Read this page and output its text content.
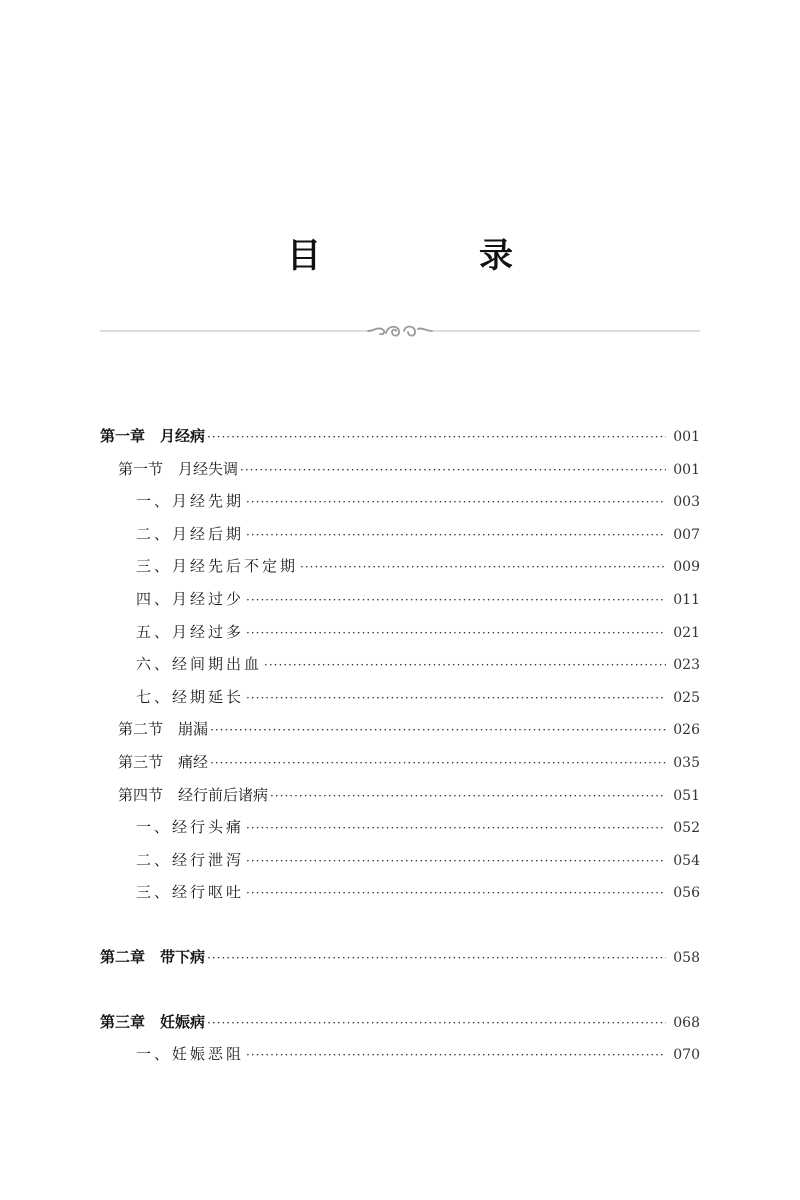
目　录
第一章　月经病 ·····	001
第一节　月经失调 ·····	001
一、月经先期 ·····	003
二、月经后期 ·····	007
三、月经先后不定期 ·····	009
四、月经过少 ·····	011
五、月经过多 ·····	021
六、经间期出血 ·····	023
七、经期延长 ·····	025
第二节　崩漏 ·····	026
第三节　痛经 ·····	035
第四节　经行前后诸病 ·····	051
一、经行头痛 ·····	052
二、经行泄泻 ·····	054
三、经行呕吐 ·····	056
第二章　带下病 ·····	058
第三章　妊娠病 ·····	068
一、妊娠恶阻 ·····	070
